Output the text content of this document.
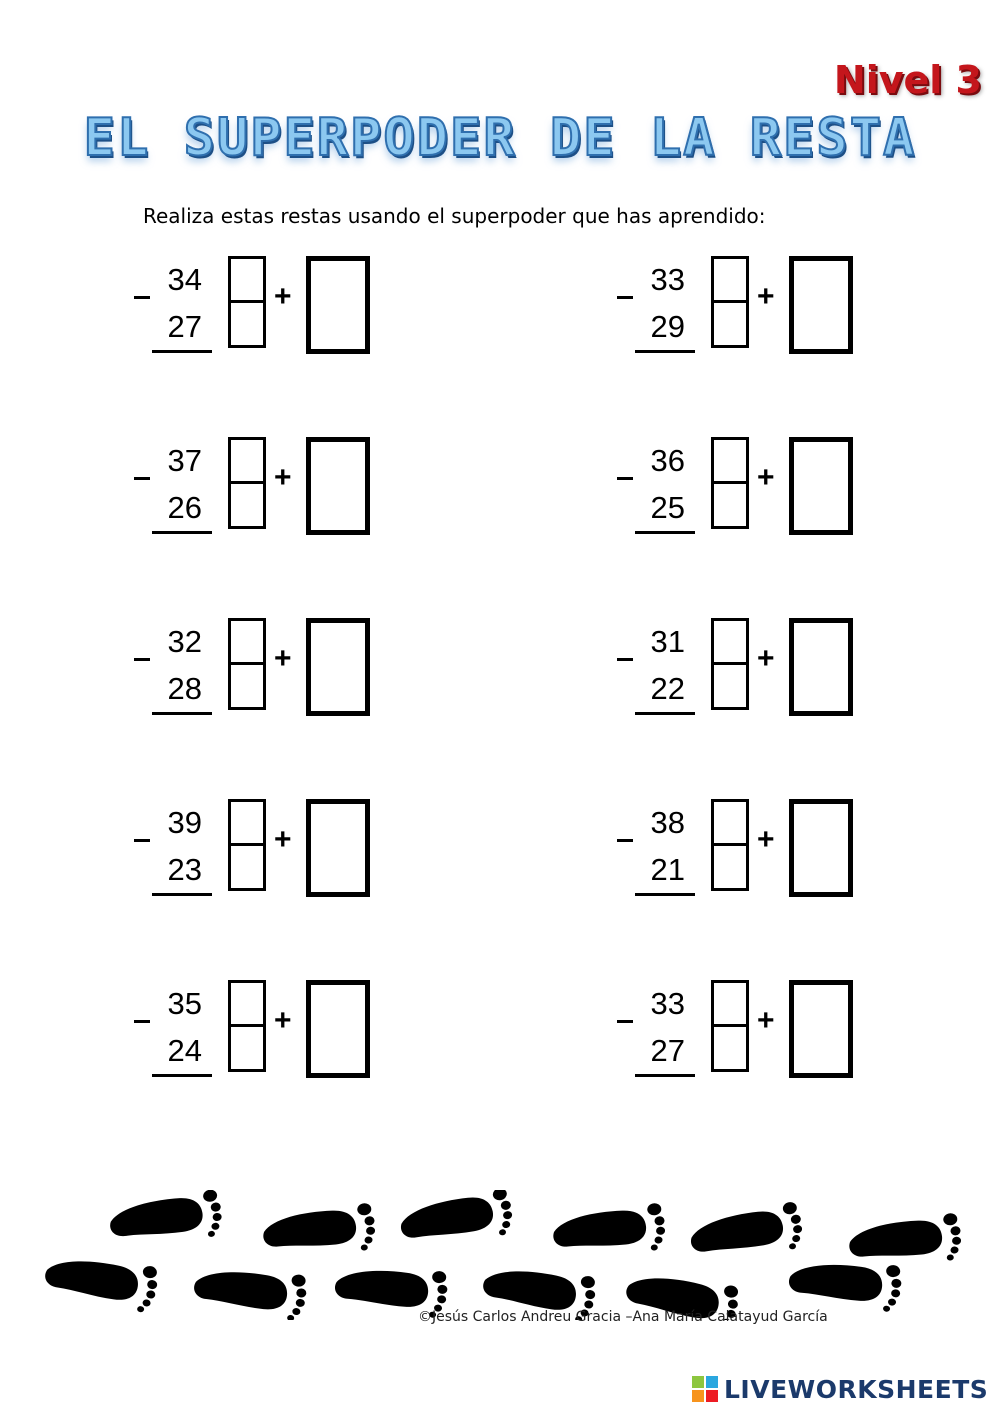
Nivel 3
EL SUPERPODER DE LA RESTA
Realiza estas restas usando el superpoder que has aprendido:
34
27
+	33
29
+
37
26
+	36
25
+
32
28
+	31
22
+
39
23
+	38
21
+
35
24
+	33
27
+
©Jesús Carlos Andreu Gracia –Ana María Calatayud García
LIVEWORKSHEETS
